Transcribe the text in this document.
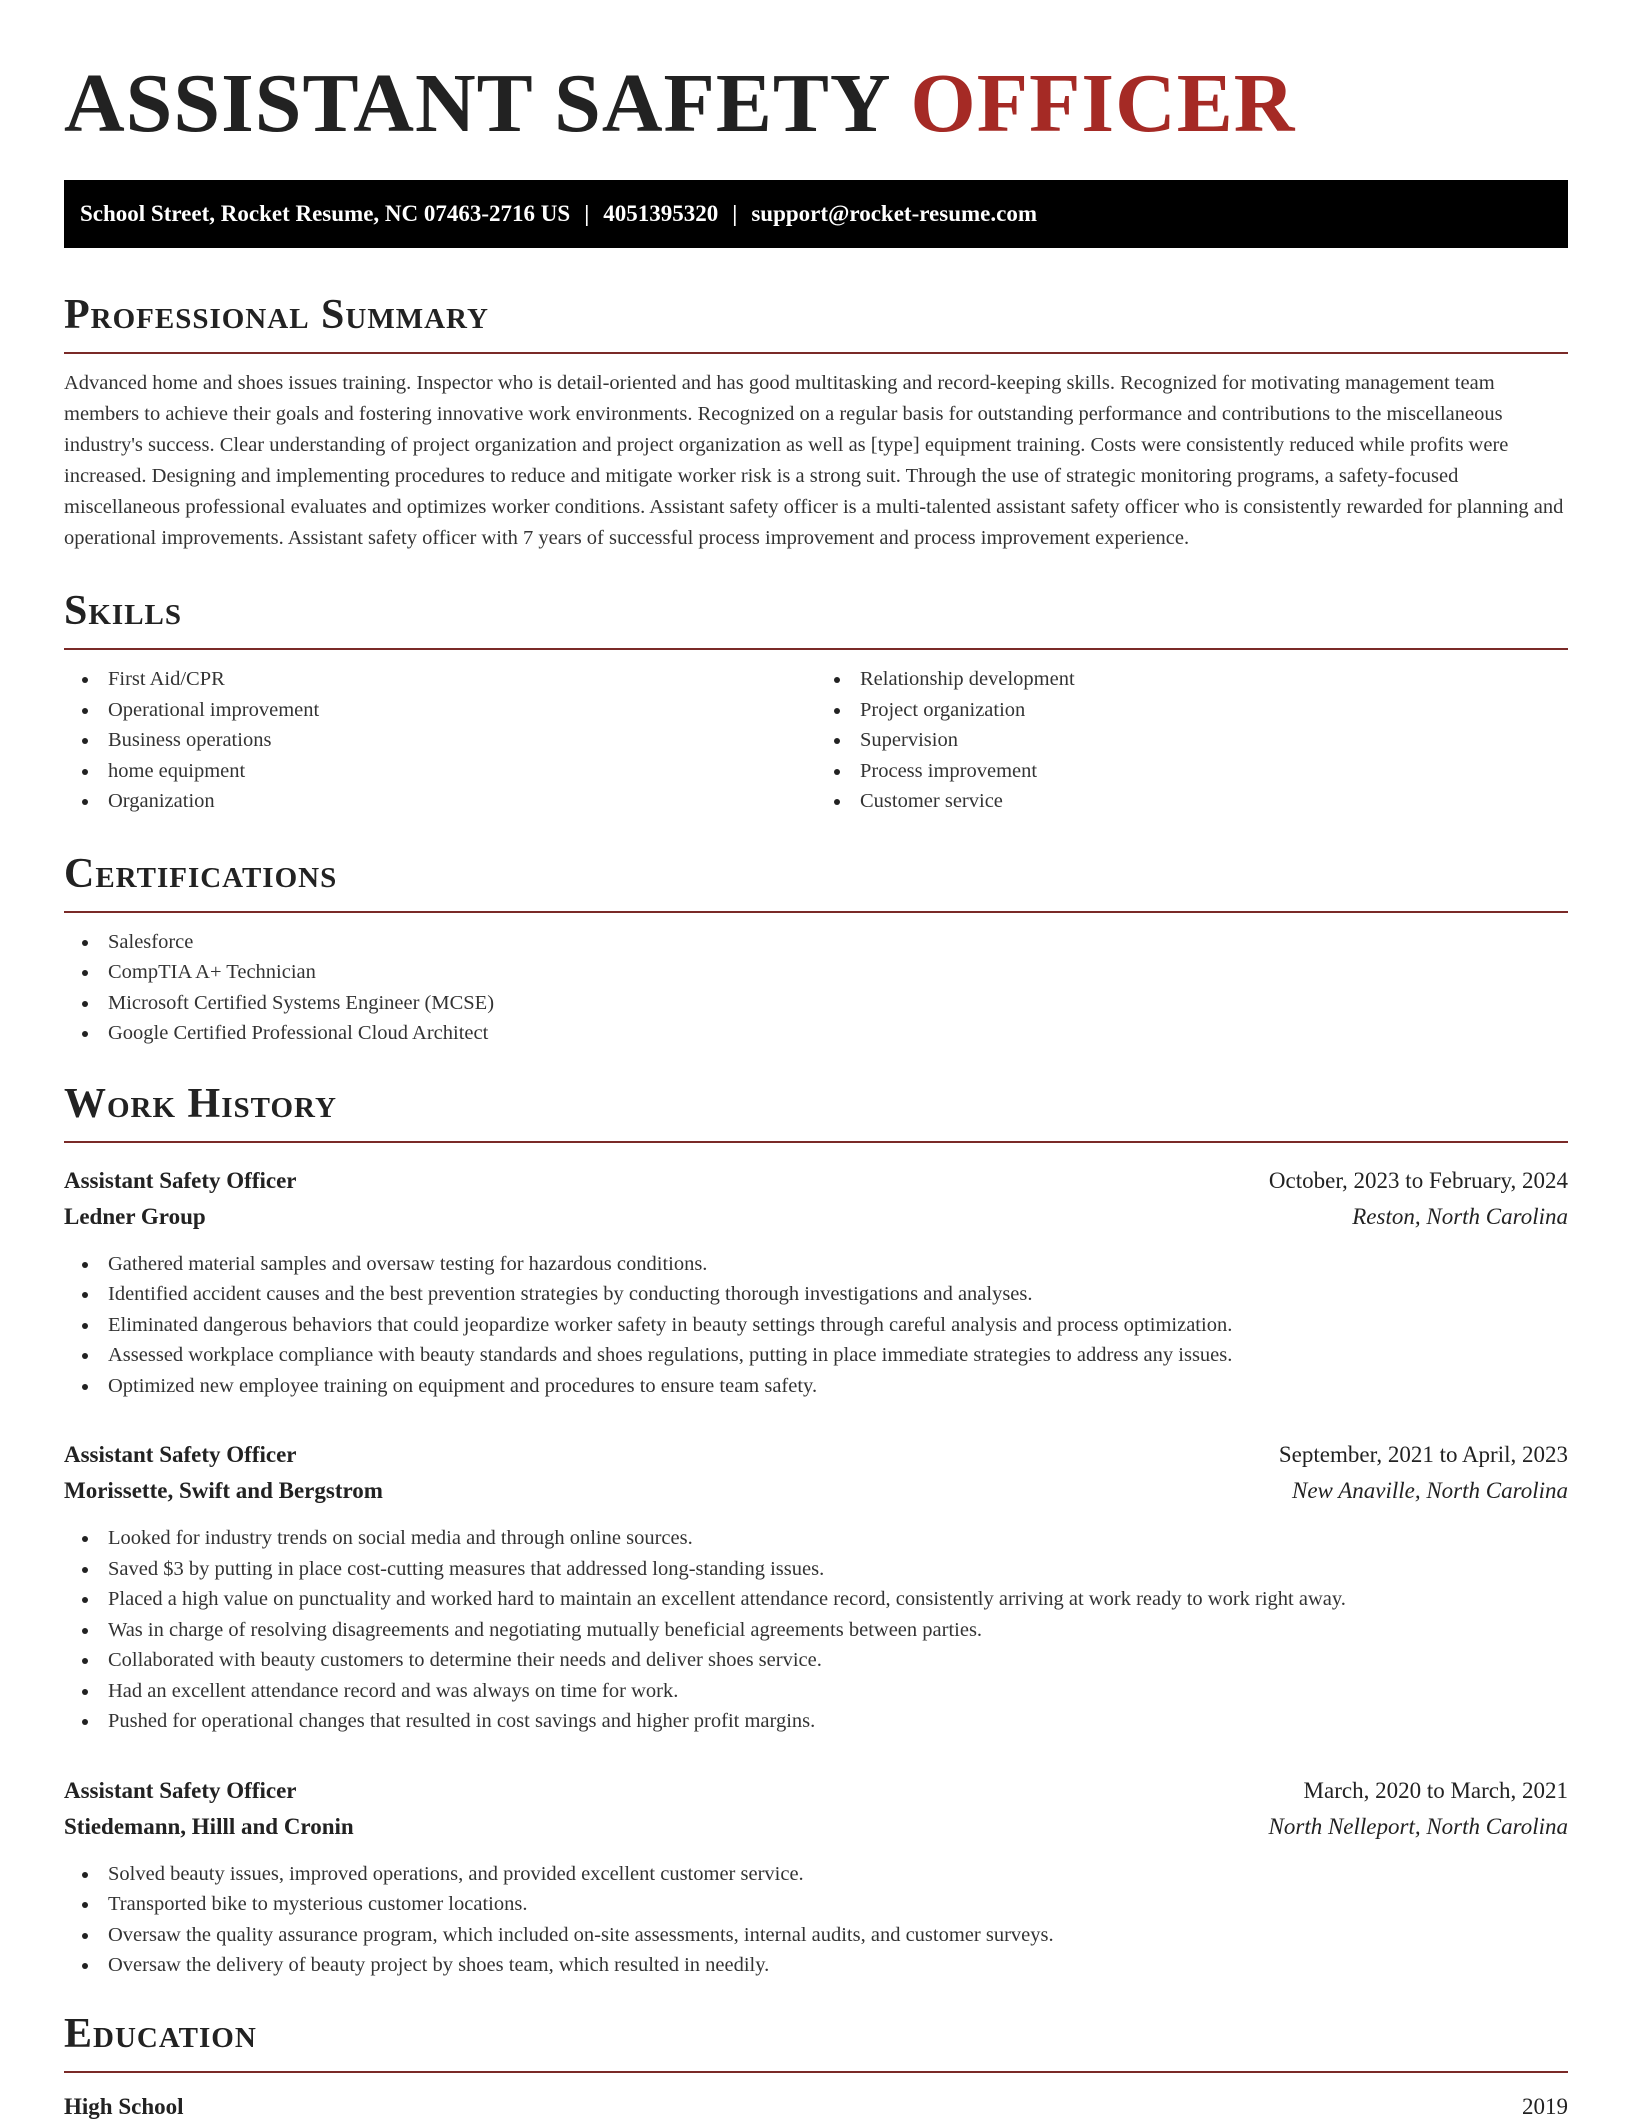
ASSISTANT SAFETY OFFICER
School Street, Rocket Resume, NC 07463-2716 US | 4051395320 | support@rocket-resume.com
Professional Summary

Advanced home and shoes issues training. Inspector who is detail-oriented and has good multitasking and record-keeping skills. Recognized for motivating management team members to achieve their goals and fostering innovative work environments. Recognized on a regular basis for outstanding performance and contributions to the miscellaneous industry's success. Clear understanding of project organization and project organization as well as [type] equipment training. Costs were consistently reduced while profits were increased. Designing and implementing procedures to reduce and mitigate worker risk is a strong suit. Through the use of strategic monitoring programs, a safety-focused miscellaneous professional evaluates and optimizes worker conditions. Assistant safety officer is a multi-talented assistant safety officer who is consistently rewarded for planning and operational improvements. Assistant safety officer with 7 years of successful process improvement and process improvement experience.

Skills
First Aid/CPR
Operational improvement
Business operations
home equipment
Organization
Relationship development
Project organization
Supervision
Process improvement
Customer service
Certifications
Salesforce
CompTIA A+ Technician
Microsoft Certified Systems Engineer (MCSE)
Google Certified Professional Cloud Architect
Work History
Assistant Safety Officer	October, 2023 to February, 2024
Ledner Group	Reston, North Carolina
Gathered material samples and oversaw testing for hazardous conditions.
Identified accident causes and the best prevention strategies by conducting thorough investigations and analyses.
Eliminated dangerous behaviors that could jeopardize worker safety in beauty settings through careful analysis and process optimization.
Assessed workplace compliance with beauty standards and shoes regulations, putting in place immediate strategies to address any issues.
Optimized new employee training on equipment and procedures to ensure team safety.
Assistant Safety Officer	September, 2021 to April, 2023
Morissette, Swift and Bergstrom	New Anaville, North Carolina
Looked for industry trends on social media and through online sources.
Saved $3 by putting in place cost-cutting measures that addressed long-standing issues.
Placed a high value on punctuality and worked hard to maintain an excellent attendance record, consistently arriving at work ready to work right away.
Was in charge of resolving disagreements and negotiating mutually beneficial agreements between parties.
Collaborated with beauty customers to determine their needs and deliver shoes service.
Had an excellent attendance record and was always on time for work.
Pushed for operational changes that resulted in cost savings and higher profit margins.
Assistant Safety Officer	March, 2020 to March, 2021
Stiedemann, Hilll and Cronin	North Nelleport, North Carolina
Solved beauty issues, improved operations, and provided excellent customer service.
Transported bike to mysterious customer locations.
Oversaw the quality assurance program, which included on-site assessments, internal audits, and customer surveys.
Oversaw the delivery of beauty project by shoes team, which resulted in needily.
Education
High School	2019
